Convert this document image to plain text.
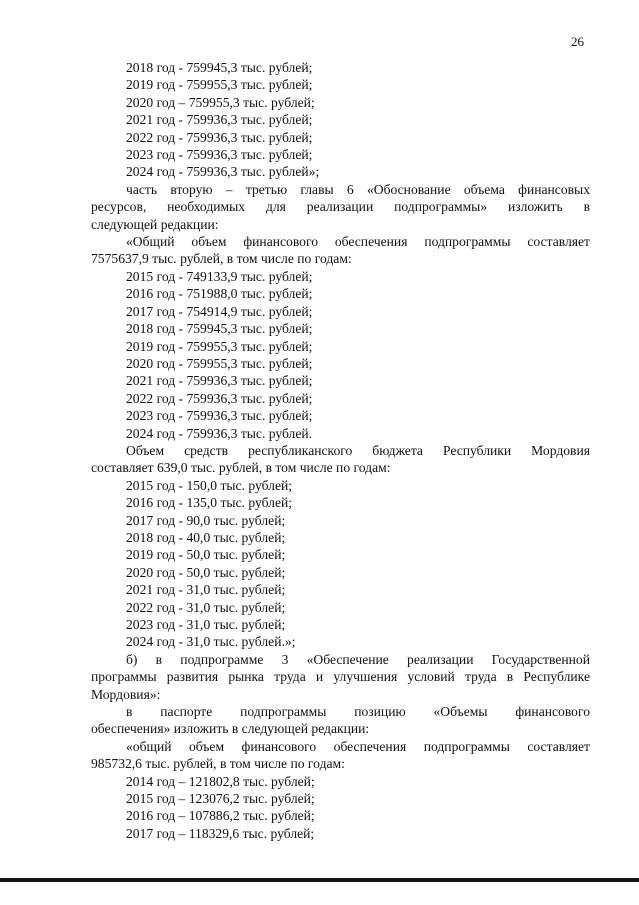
26
2018 год - 759945,3 тыс. рублей;
2019 год - 759955,3 тыс. рублей;
2020 год – 759955,3 тыс. рублей;
2021 год - 759936,3 тыс. рублей;
2022 год - 759936,3 тыс. рублей;
2023 год - 759936,3 тыс. рублей;
2024 год - 759936,3 тыс. рублей»;
часть вторую – третью главы 6 «Обоснование объема финансовых
ресурсов, необходимых для реализации подпрограммы» изложить в
следующей редакции:
«Общий объем финансового обеспечения подпрограммы составляет
7575637,9 тыс. рублей, в том числе по годам:
2015 год - 749133,9 тыс. рублей;
2016 год - 751988,0 тыс. рублей;
2017 год - 754914,9 тыс. рублей;
2018 год - 759945,3 тыс. рублей;
2019 год - 759955,3 тыс. рублей;
2020 год - 759955,3 тыс. рублей;
2021 год - 759936,3 тыс. рублей;
2022 год - 759936,3 тыс. рублей;
2023 год - 759936,3 тыс. рублей;
2024 год - 759936,3 тыс. рублей.
Объем средств республиканского бюджета Республики Мордовия
составляет 639,0 тыс. рублей, в том числе по годам:
2015 год - 150,0 тыс. рублей;
2016 год - 135,0 тыс. рублей;
2017 год - 90,0 тыс. рублей;
2018 год - 40,0 тыс. рублей;
2019 год - 50,0 тыс. рублей;
2020 год - 50,0 тыс. рублей;
2021 год - 31,0 тыс. рублей;
2022 год - 31,0 тыс. рублей;
2023 год - 31,0 тыс. рублей;
2024 год - 31,0 тыс. рублей.»;
б) в подпрограмме 3 «Обеспечение реализации Государственной
программы развития рынка труда и улучшения условий труда в Республике
Мордовия»:
в паспорте подпрограммы позицию «Объемы финансового
обеспечения» изложить в следующей редакции:
«общий объем финансового обеспечения подпрограммы составляет
985732,6 тыс. рублей, в том числе по годам:
2014 год – 121802,8 тыс. рублей;
2015 год – 123076,2 тыс. рублей;
2016 год – 107886,2 тыс. рублей;
2017 год – 118329,6 тыс. рублей;
